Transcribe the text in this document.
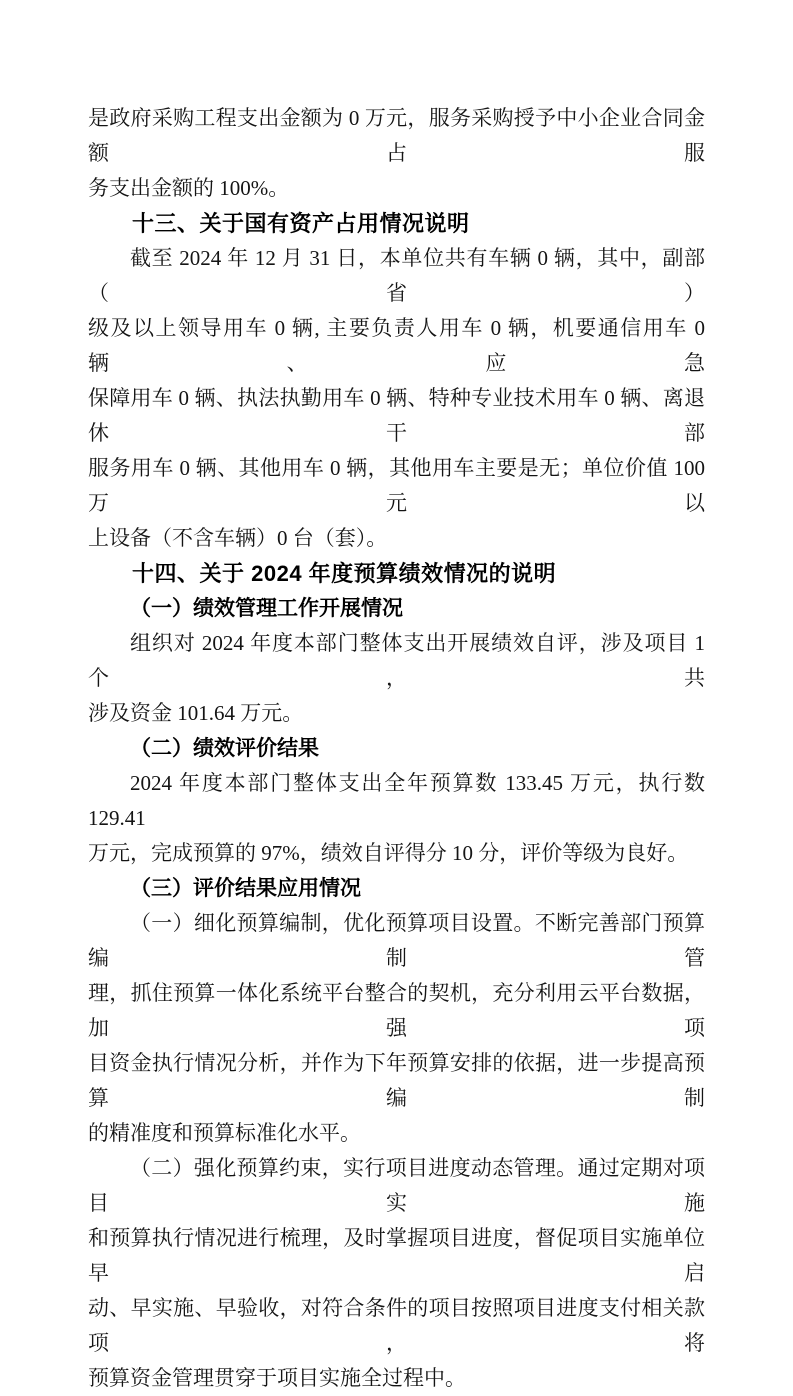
是政府采购工程支出金额为 0 万元，服务采购授予中小企业合同金额占服
务支出金额的 100%。
十三、关于国有资产占用情况说明
截至 2024 年 12 月 31 日，本单位共有车辆 0 辆，其中，副部（省）
级及以上领导用车 0 辆, 主要负责人用车 0 辆，机要通信用车 0 辆、应急
保障用车 0 辆、执法执勤用车 0 辆、特种专业技术用车 0 辆、离退休干部
服务用车 0 辆、其他用车 0 辆，其他用车主要是无；单位价值 100 万元以
上设备（不含车辆）0 台（套）。
十四、关于 2024 年度预算绩效情况的说明
（一）绩效管理工作开展情况
组织对 2024 年度本部门整体支出开展绩效自评，涉及项目 1 个，共
涉及资金 101.64 万元。
（二）绩效评价结果
2024 年度本部门整体支出全年预算数 133.45 万元，执行数 129.41
万元，完成预算的 97%，绩效自评得分 10 分，评价等级为良好。
（三）评价结果应用情况
（一）细化预算编制，优化预算项目设置。不断完善部门预算编制管
理，抓住预算一体化系统平台整合的契机，充分利用云平台数据，加强项
目资金执行情况分析，并作为下年预算安排的依据，进一步提高预算编制
的精准度和预算标准化水平。
（二）强化预算约束，实行项目进度动态管理。通过定期对项目实施
和预算执行情况进行梳理，及时掌握项目进度，督促项目实施单位早启
动、早实施、早验收，对符合条件的项目按照项目进度支付相关款项，将
预算资金管理贯穿于项目实施全过程中。
